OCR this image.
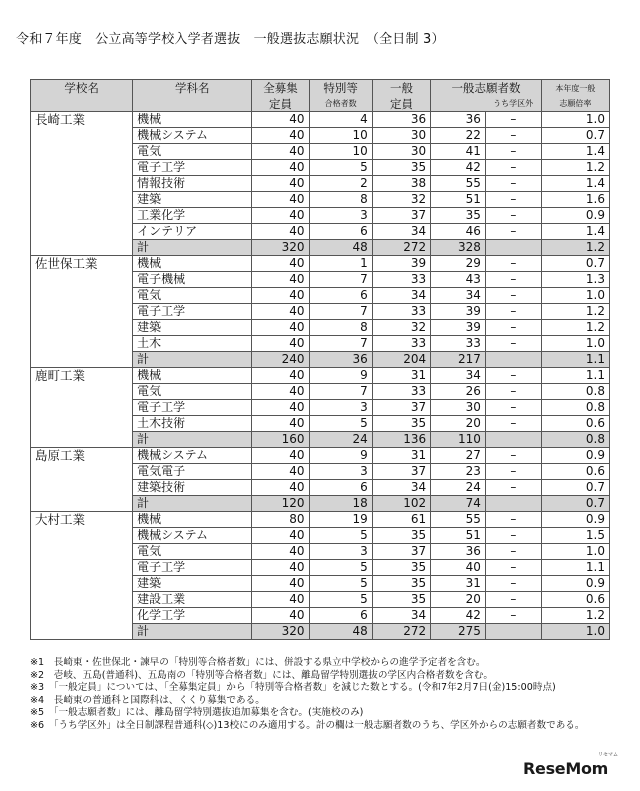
令和７年度　公立高等学校入学者選抜　一般選抜志願状況　（全日制 3）
学校名	学科名	全募集	特別等	一般	一般志願者数		本年度一般
		定員	合格者数	定員		うち学区外	志願倍率
長崎工業	機械	40	4	36	36	–	1.0
	機械システム	40	10	30	22	–	0.7
	電気	40	10	30	41	–	1.4
	電子工学	40	5	35	42	–	1.2
	情報技術	40	2	38	55	–	1.4
	建築	40	8	32	51	–	1.6
	工業化学	40	3	37	35	–	0.9
	インテリア	40	6	34	46	–	1.4
	計	320	48	272	328		1.2
佐世保工業	機械	40	1	39	29	–	0.7
	電子機械	40	7	33	43	–	1.3
	電気	40	6	34	34	–	1.0
	電子工学	40	7	33	39	–	1.2
	建築	40	8	32	39	–	1.2
	土木	40	7	33	33	–	1.0
	計	240	36	204	217		1.1
鹿町工業	機械	40	9	31	34	–	1.1
	電気	40	7	33	26	–	0.8
	電子工学	40	3	37	30	–	0.8
	土木技術	40	5	35	20	–	0.6
	計	160	24	136	110		0.8
島原工業	機械システム	40	9	31	27	–	0.9
	電気電子	40	3	37	23	–	0.6
	建築技術	40	6	34	24	–	0.7
	計	120	18	102	74		0.7
大村工業	機械	80	19	61	55	–	0.9
	機械システム	40	5	35	51	–	1.5
	電気	40	3	37	36	–	1.0
	電子工学	40	5	35	40	–	1.1
	建築	40	5	35	31	–	0.9
	建設工業	40	5	35	20	–	0.6
	化学工学	40	6	34	42	–	1.2
	計	320	48	272	275		1.0
※1　長崎東・佐世保北・諫早の「特別等合格者数」には、併設する県立中学校からの進学予定者を含む。
※2　壱岐、五島(普通科)、五島南の「特別等合格者数」には、離島留学特別選抜の学区内合格者数を含む。
※3　「一般定員」については、「全募集定員」から「特別等合格者数」を減じた数とする。(令和7年2月7日(金)15:00時点)
※4　長崎東の普通科と国際科は、くくり募集である。
※5　「一般志願者数」には、離島留学特別選抜追加募集を含む。(実施校のみ)
※6　「うち学区外」は全日制課程普通科(◇)13校にのみ適用する。計の欄は一般志願者数のうち、学区外からの志願者数である。
ReseMom
リセマム
